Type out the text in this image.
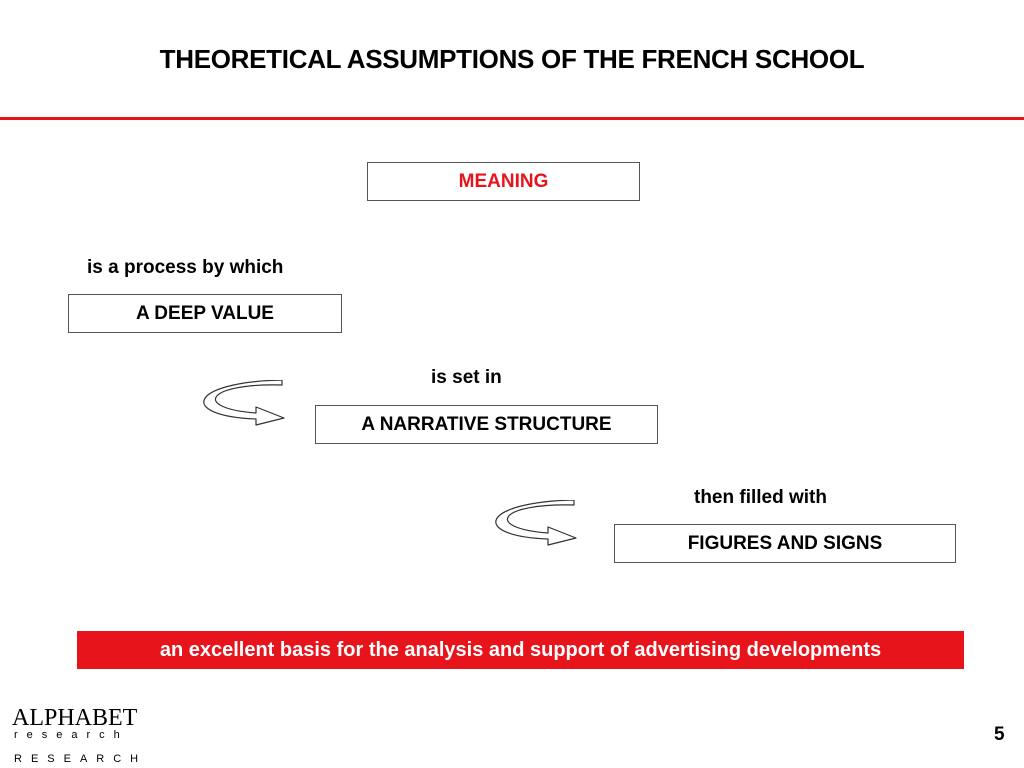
THEORETICAL ASSUMPTIONS OF THE FRENCH SCHOOL
MEANING
is a process by which
A DEEP VALUE
is set in
A NARRATIVE STRUCTURE
then filled with
FIGURES AND SIGNS
an excellent basis for the analysis and support of advertising developments
ALPHABET
research
RESEARCH
5
